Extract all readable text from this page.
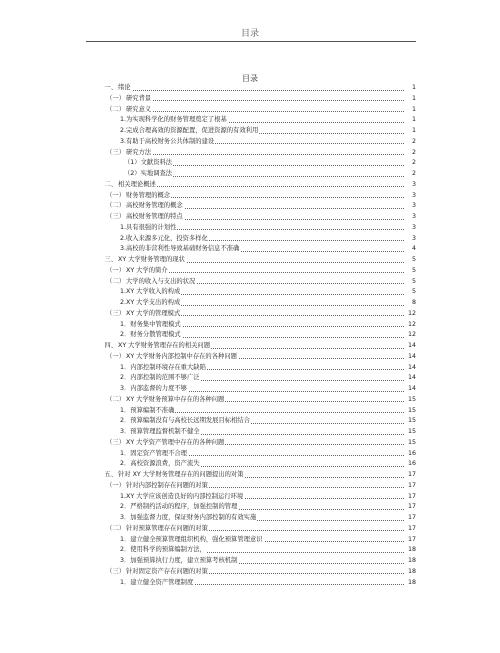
目录
目录
一、 绪论	1
（一） 研究背景	1
（二） 研究意义	1
1.为实现科学化的财务管理奠定了根基	1
2.完成合理高效的资源配置，促进资源的有效利用	1
3.有助于高校财务公共体制的建设	2
（三） 研究方法	2
（1）文献资料法	2
（2）实地调查法	2
二、 相关理论概述	3
（一） 财务管理的概念	3
（二） 高校财务管理的概念	3
（三） 高校财务管理的特点	3
1.具有很强的计划性	3
2.收入来源多元化，投资多样化	3
3.高校的非营利性导致基础财务信息不准确	4
三、 XY 大学财务管理的现状	5
（一） XY 大学的简介	5
（二） 大学的收入与支出的状况	5
1.XY 大学收入的构成	5
2.XY 大学支出的构成	8
（三） XY 大学的管理模式	12
1．财务集中管理模式	12
2．财务分散管理模式	12
四、 XY 大学财务管理存在的相关问题	14
（一） XY 大学财务内部控制中存在的各种问题	14
1．内部控制环境存在重大缺陷	14
2．内部控制的范围不够广泛	14
3．内部监督的力度不够	14
（二） XY 大学财务预算中存在的各种问题	15
1．预算编制不准确	15
2．预算编制没有与高校长远期发展目标相结合	15
3．预算管理监督机制不健全	15
（三） XY 大学资产管理中存在的各种问题	15
1．固定资产管理不合理	16
2．高校资源浪费，资产流失	16
五、 针对 XY 大学财务管理存在的问题提出的对策	17
（一） 针对内部控制存在问题的对策	17
1.XY 大学应该创造良好的内部控制运行环境	17
2．严格制约活动的程序，加强控制的管理	17
3．加强监督力度，保证财务内部控制的有效实施	17
（二） 针对预算管理存在问题的对策	17
1．建立健全预算管理组织机构，强化预算管理意识	17
2．使用科学的预算编制方法，	18
3．加强预算执行力度，建立预算考核机制	18
（三） 针对固定资产存在问题的对策	18
1．建立健全资产管理制度	18
